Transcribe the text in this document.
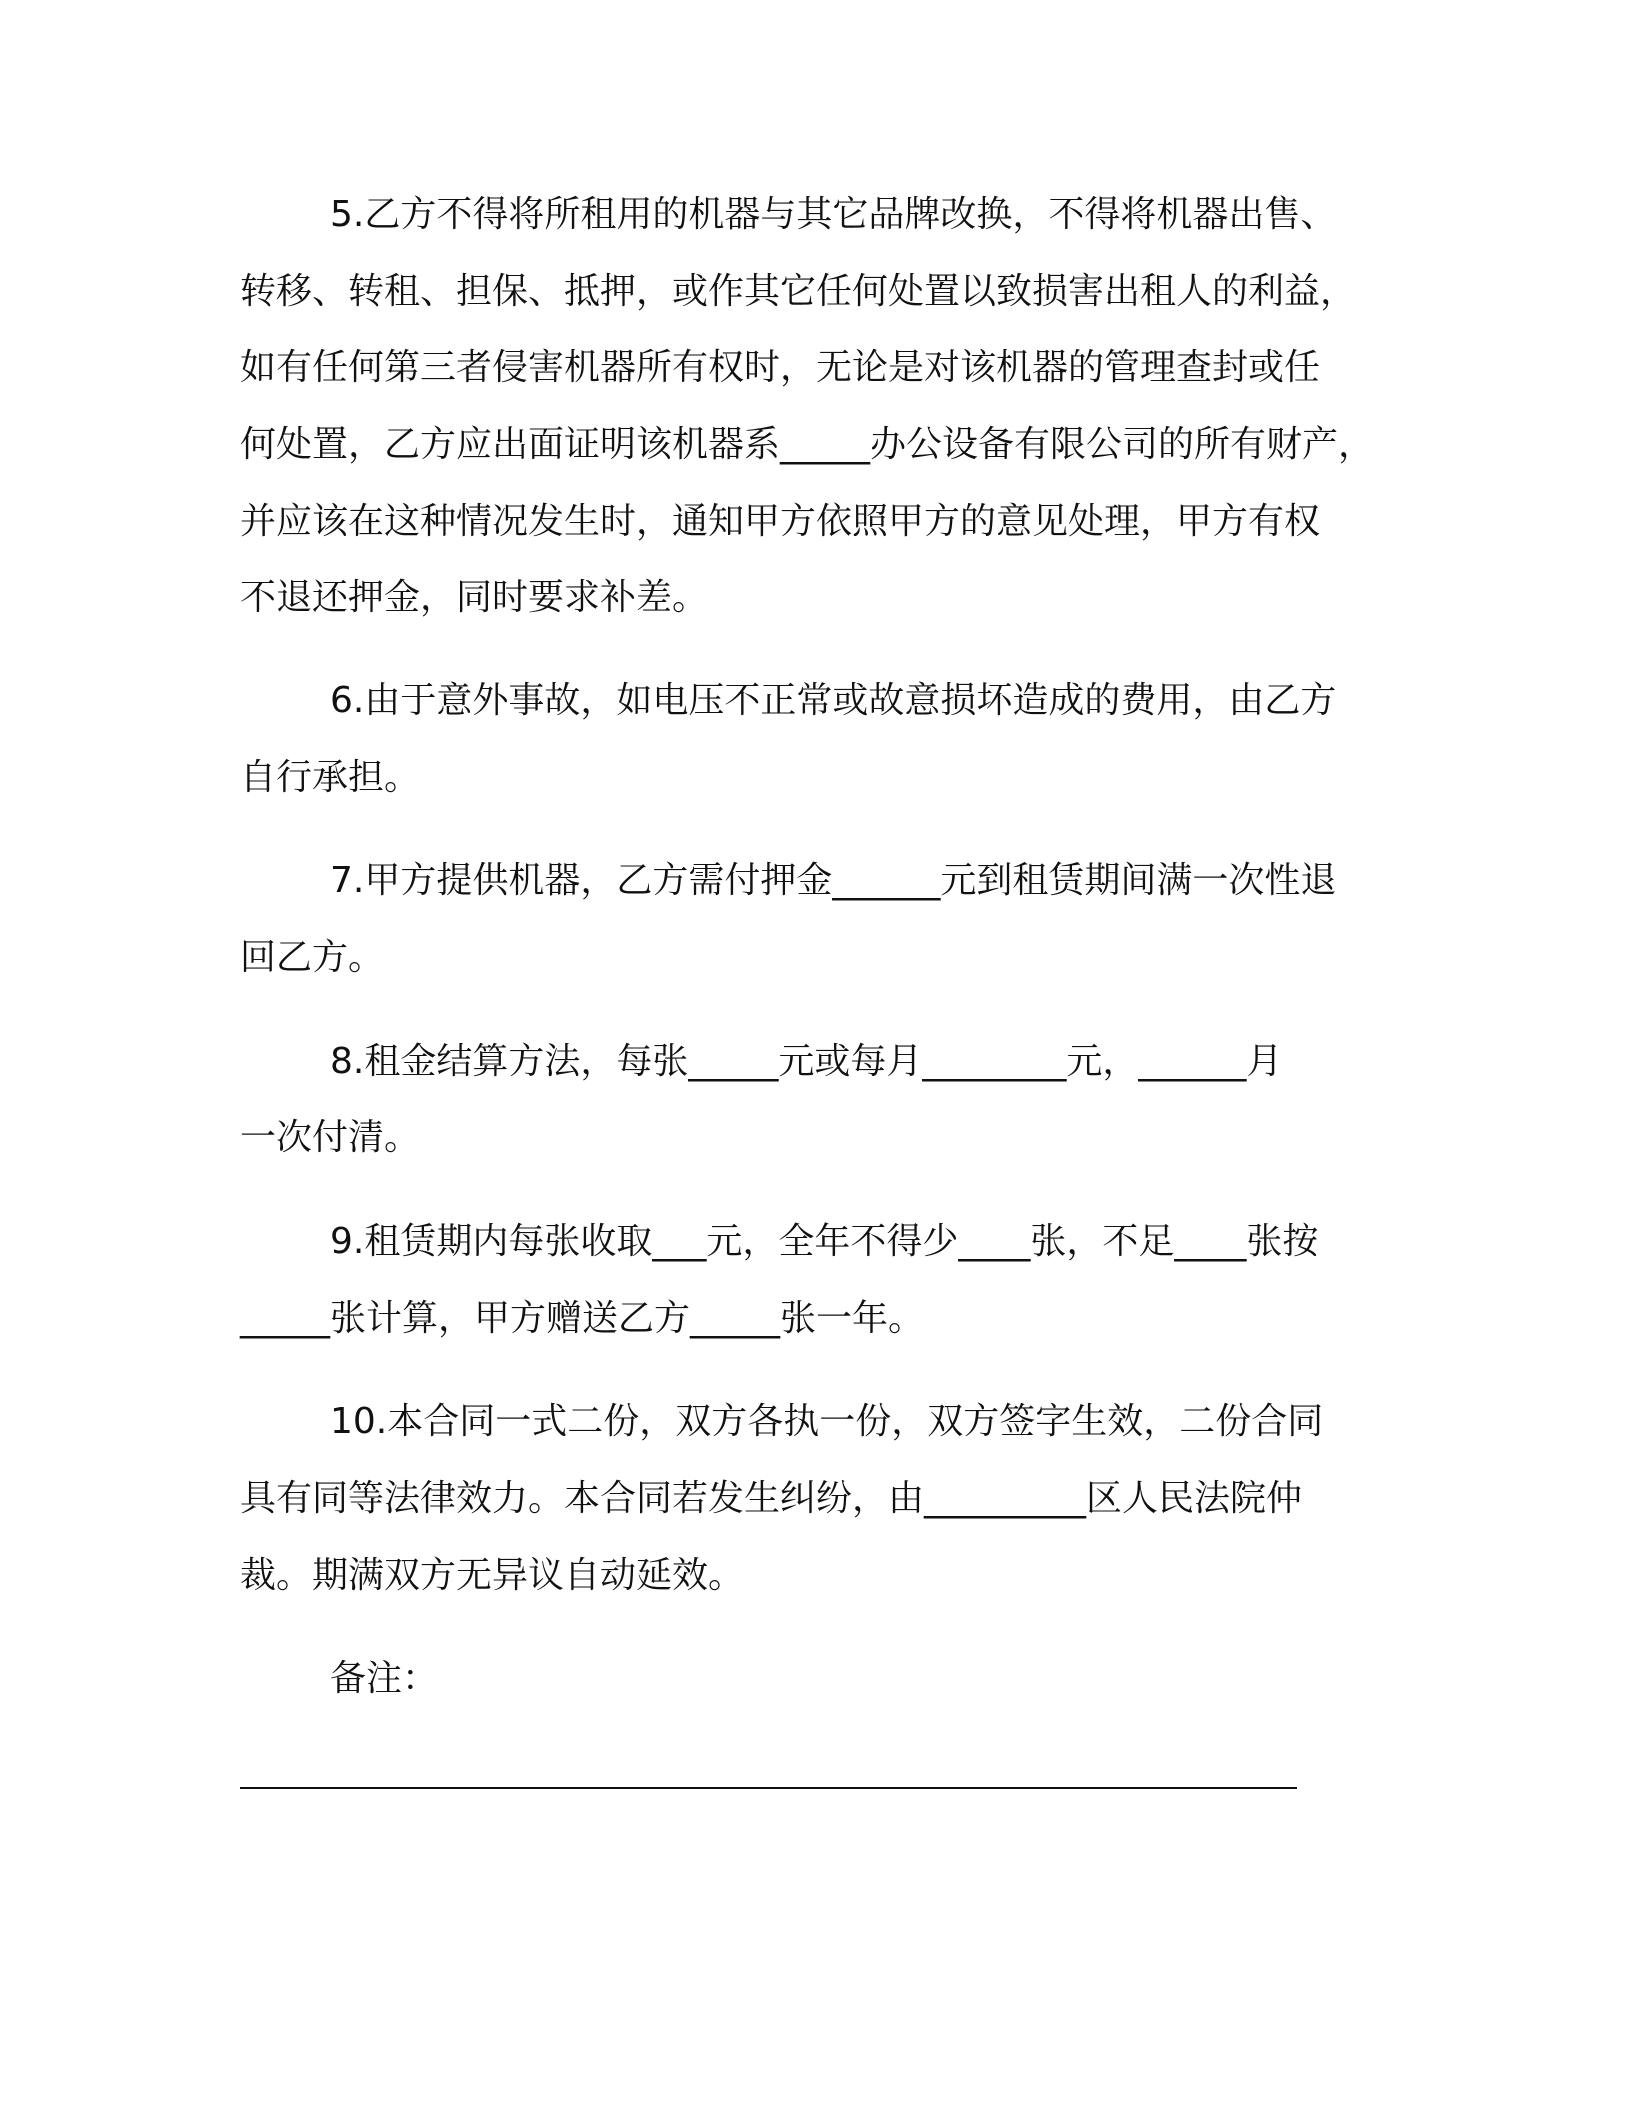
5.乙方不得将所租用的机器与其它品牌改换，不得将机器出售、

转移、转租、担保、抵押，或作其它任何处置以致损害出租人的利益，

如有任何第三者侵害机器所有权时，无论是对该机器的管理查封或任

何处置，乙方应出面证明该机器系_____办公设备有限公司的所有财产，

并应该在这种情况发生时，通知甲方依照甲方的意见处理，甲方有权

不退还押金，同时要求补差。

6.由于意外事故，如电压不正常或故意损坏造成的费用，由乙方

自行承担。

7.甲方提供机器，乙方需付押金______元到租赁期间满一次性退

回乙方。

8.租金结算方法，每张_____元或每月________元，______月

一次付清。

9.租赁期内每张收取___元，全年不得少____张，不足____张按

_____张计算，甲方赠送乙方_____张一年。

10.本合同一式二份，双方各执一份，双方签字生效，二份合同

具有同等法律效力。本合同若发生纠纷，由_________区人民法院仲

裁。期满双方无异议自动延效。

备注：
